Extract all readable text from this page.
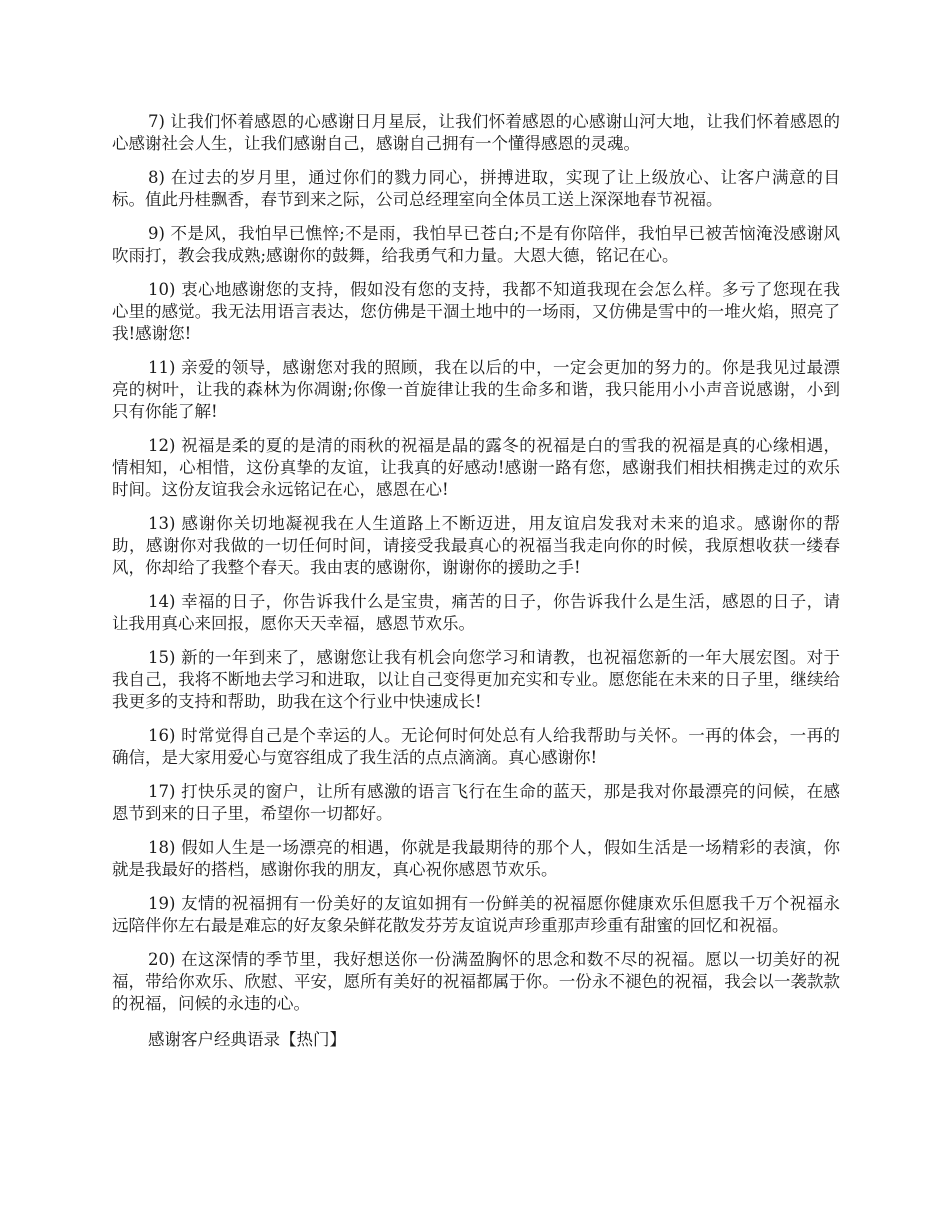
7) 让我们怀着感恩的心感谢日月星辰，让我们怀着感恩的心感谢山河大地，让我们怀着感恩的心感谢社会人生，让我们感谢自己，感谢自己拥有一个懂得感恩的灵魂。

8) 在过去的岁月里，通过你们的戮力同心，拼搏进取，实现了让上级放心、让客户满意的目标。值此丹桂飘香，春节到来之际，公司总经理室向全体员工送上深深地春节祝福。

9) 不是风，我怕早已憔悴;不是雨，我怕早已苍白;不是有你陪伴，我怕早已被苦恼淹没感谢风吹雨打，教会我成熟;感谢你的鼓舞，给我勇气和力量。大恩大德，铭记在心。

10) 衷心地感谢您的支持，假如没有您的支持，我都不知道我现在会怎么样。多亏了您现在我心里的感觉。我无法用语言表达，您仿佛是干涸土地中的一场雨，又仿佛是雪中的一堆火焰，照亮了我!感谢您!

11) 亲爱的领导，感谢您对我的照顾，我在以后的中，一定会更加的努力的。你是我见过最漂亮的树叶，让我的森林为你凋谢;你像一首旋律让我的生命多和谐，我只能用小小声音说感谢，小到只有你能了解!

12) 祝福是柔的夏的是清的雨秋的祝福是晶的露冬的祝福是白的雪我的祝福是真的心缘相遇，情相知，心相惜，这份真挚的友谊，让我真的好感动!感谢一路有您，感谢我们相扶相携走过的欢乐时间。这份友谊我会永远铭记在心，感恩在心!

13) 感谢你关切地凝视我在人生道路上不断迈进，用友谊启发我对未来的追求。感谢你的帮助，感谢你对我做的一切任何时间，请接受我最真心的祝福当我走向你的时候，我原想收获一缕春风，你却给了我整个春天。我由衷的感谢你，谢谢你的援助之手!

14) 幸福的日子，你告诉我什么是宝贵，痛苦的日子，你告诉我什么是生活，感恩的日子，请让我用真心来回报，愿你天天幸福，感恩节欢乐。

15) 新的一年到来了，感谢您让我有机会向您学习和请教，也祝福您新的一年大展宏图。对于我自己，我将不断地去学习和进取，以让自己变得更加充实和专业。愿您能在未来的日子里，继续给我更多的支持和帮助，助我在这个行业中快速成长!

16) 时常觉得自己是个幸运的人。无论何时何处总有人给我帮助与关怀。一再的体会，一再的确信，是大家用爱心与宽容组成了我生活的点点滴滴。真心感谢你!

17) 打快乐灵的窗户，让所有感激的语言飞行在生命的蓝天，那是我对你最漂亮的问候，在感恩节到来的日子里，希望你一切都好。

18) 假如人生是一场漂亮的相遇，你就是我最期待的那个人，假如生活是一场精彩的表演，你就是我最好的搭档，感谢你我的朋友，真心祝你感恩节欢乐。

19) 友情的祝福拥有一份美好的友谊如拥有一份鲜美的祝福愿你健康欢乐但愿我千万个祝福永远陪伴你左右最是难忘的好友象朵鲜花散发芬芳友谊说声珍重那声珍重有甜蜜的回忆和祝福。

20) 在这深情的季节里，我好想送你一份满盈胸怀的思念和数不尽的祝福。愿以一切美好的祝福，带给你欢乐、欣慰、平安，愿所有美好的祝福都属于你。一份永不褪色的祝福，我会以一袭款款的祝福，问候的永违的心。

感谢客户经典语录【热门】
